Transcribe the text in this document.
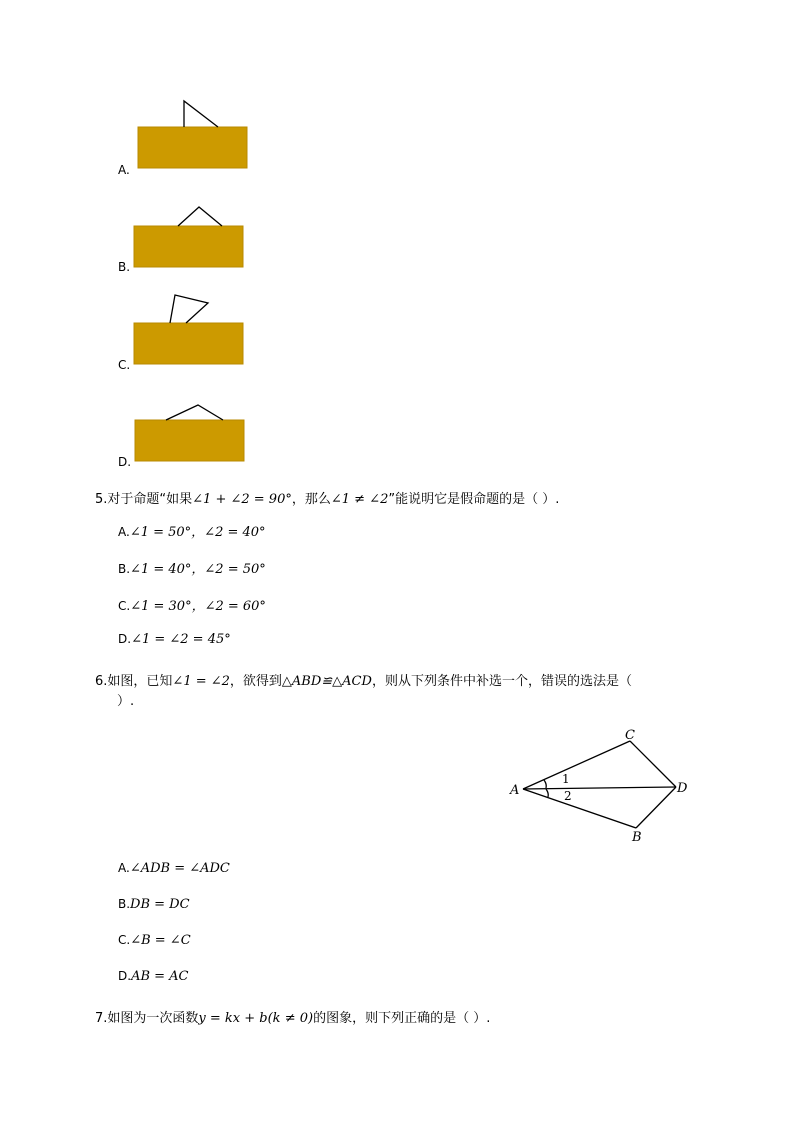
A.
B.
C.
D.
5.对于命题“如果∠1 + ∠2 = 90°，那么∠1 ≠ ∠2”能说明它是假命题的是（ ）.
A.∠1 = 50°，∠2 = 40°
B.∠1 = 40°，∠2 = 50°
C.∠1 = 30°，∠2 = 60°
D.∠1 = ∠2 = 45°
6.如图，已知∠1 = ∠2，欲得到△ABD≌△ACD，则从下列条件中补选一个，错误的选法是（
）.
A
C
D
B
1
2
A.∠ADB = ∠ADC
B.DB = DC
C.∠B = ∠C
D.AB = AC
7.如图为一次函数y = kx + b(k ≠ 0)的图象，则下列正确的是（ ）.
